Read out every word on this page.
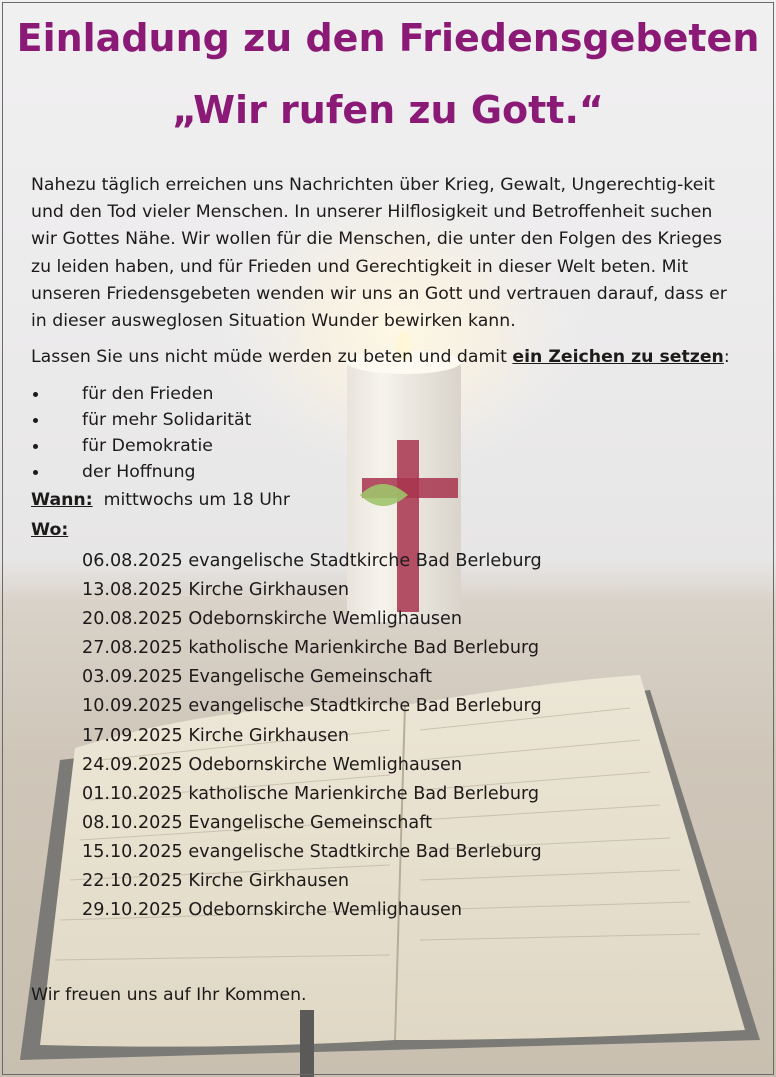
Einladung zu den Friedensgebeten
„Wir rufen zu Gott.“

Nahezu täglich erreichen uns Nachrichten über Krieg, Gewalt, Ungerechtig-keit und den Tod vieler Menschen. In unserer Hilflosigkeit und Betroffenheit suchen wir Gottes Nähe. Wir wollen für die Menschen, die unter den Folgen des Krieges zu leiden haben, und für Frieden und Gerechtigkeit in dieser Welt beten. Mit unseren Friedensgebeten wenden wir uns an Gott und vertrauen darauf, dass er in dieser ausweglosen Situation Wunder bewirken kann.

Lassen Sie uns nicht müde werden zu beten und damit ein Zeichen zu setzen:

für den Frieden
für mehr Solidarität
für Demokratie
der Hoffnung

Wann: mittwochs um 18 Uhr

Wo:

06.08.2025 evangelische Stadtkirche Bad Berleburg
13.08.2025 Kirche Girkhausen
20.08.2025 Odebornskirche Wemlighausen
27.08.2025 katholische Marienkirche Bad Berleburg
03.09.2025 Evangelische Gemeinschaft
10.09.2025 evangelische Stadtkirche Bad Berleburg
17.09.2025 Kirche Girkhausen
24.09.2025 Odebornskirche Wemlighausen
01.10.2025 katholische Marienkirche Bad Berleburg
08.10.2025 Evangelische Gemeinschaft
15.10.2025 evangelische Stadtkirche Bad Berleburg
22.10.2025 Kirche Girkhausen
29.10.2025 Odebornskirche Wemlighausen

Wir freuen uns auf Ihr Kommen.
